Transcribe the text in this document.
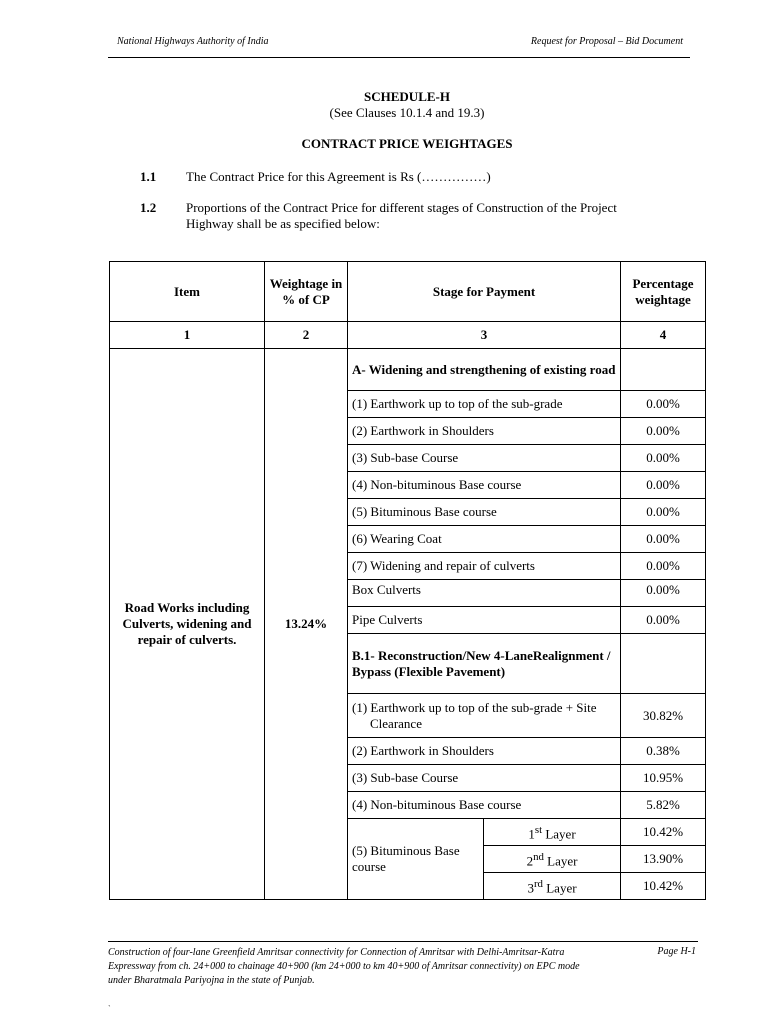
National Highways Authority of India	Request for Proposal – Bid Document
SCHEDULE-H
(See Clauses 10.1.4 and 19.3)
CONTRACT PRICE WEIGHTAGES
1.1 The Contract Price for this Agreement is Rs (……………)
1.2 Proportions of the Contract Price for different stages of Construction of the Project Highway shall be as specified below:
Item	Weightage in % of CP	Stage for Payment		Percentage weightage
1	2	3		4
Road Works including Culverts, widening and repair of culverts.	13.24%	A- Widening and strengthening of existing road		
		(1) Earthwork up to top of the sub-grade		0.00%
		(2) Earthwork in Shoulders		0.00%
		(3) Sub-base Course		0.00%
		(4) Non-bituminous Base course		0.00%
		(5) Bituminous Base course		0.00%
		(6) Wearing Coat		0.00%
		(7) Widening and repair of culverts		0.00%
		Box Culverts		0.00%
		Pipe Culverts		0.00%
		B.1- Reconstruction/New 4-LaneRealignment / Bypass (Flexible Pavement)		
		(1) Earthwork up to top of the sub-grade + Site Clearance		30.82%
		(2) Earthwork in Shoulders		0.38%
		(3) Sub-base Course		10.95%
		(4) Non-bituminous Base course		5.82%
		(5) Bituminous Base course	1st Layer	10.42%
			2nd Layer	13.90%
			3rd Layer	10.42%
Construction of four-lane Greenfield Amritsar connectivity for Connection of Amritsar with Delhi-Amritsar-Katra Expressway from ch. 24+000 to chainage 40+900 (km 24+000 to km 40+900 of Amritsar connectivity) on EPC mode under Bharatmala Pariyojna in the state of Punjab.
Page H-1
`
